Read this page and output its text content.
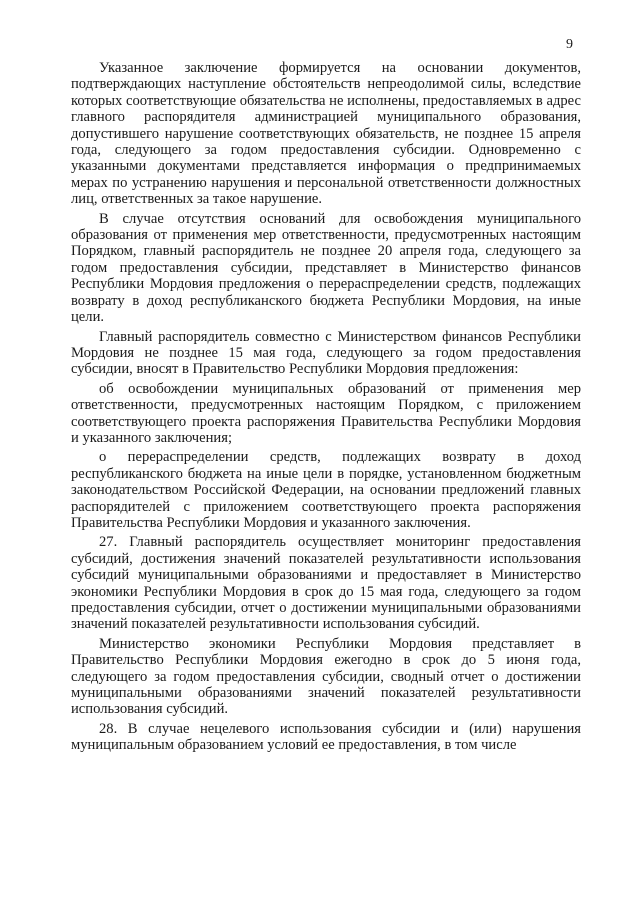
9

Указанное заключение формируется на основании документов, подтверждающих наступление обстоятельств непреодолимой силы, вследствие которых соответствующие обязательства не исполнены, предоставляемых в адрес главного распорядителя администрацией муниципального образования, допустившего нарушение соответствующих обязательств, не позднее 15 апреля года, следующего за годом предоставления субсидии. Одновременно с указанными документами представляется информация о предпринимаемых мерах по устранению нарушения и персональной ответственности должностных лиц, ответственных за такое нарушение.

В случае отсутствия оснований для освобождения муниципального образования от применения мер ответственности, предусмотренных настоящим Порядком, главный распорядитель не позднее 20 апреля года, следующего за годом предоставления субсидии, представляет в Министерство финансов Республики Мордовия предложения о перераспределении средств, подлежащих возврату в доход республиканского бюджета Республики Мордовия, на иные цели.

Главный распорядитель совместно с Министерством финансов Республики Мордовия не позднее 15 мая года, следующего за годом предоставления субсидии, вносят в Правительство Республики Мордовия предложения:

об освобождении муниципальных образований от применения мер ответственности, предусмотренных настоящим Порядком, с приложением соответствующего проекта распоряжения Правительства Республики Мордовия и указанного заключения;

о перераспределении средств, подлежащих возврату в доход республиканского бюджета на иные цели в порядке, установленном бюджетным законодательством Российской Федерации, на основании предложений главных распорядителей с приложением соответствующего проекта распоряжения Правительства Республики Мордовия и указанного заключения.

27. Главный распорядитель осуществляет мониторинг предоставления субсидий, достижения значений показателей результативности использования субсидий муниципальными образованиями и предоставляет в Министерство экономики Республики Мордовия в срок до 15 мая года, следующего за годом предоставления субсидии, отчет о достижении муниципальными образованиями значений показателей результативности использования субсидий.

Министерство экономики Республики Мордовия представляет в Правительство Республики Мордовия ежегодно в срок до 5 июня года, следующего за годом предоставления субсидии, сводный отчет о достижении муниципальными образованиями значений показателей результативности использования субсидий.

28. В случае нецелевого использования субсидии и (или) нарушения муниципальным образованием условий ее предоставления, в том числе
